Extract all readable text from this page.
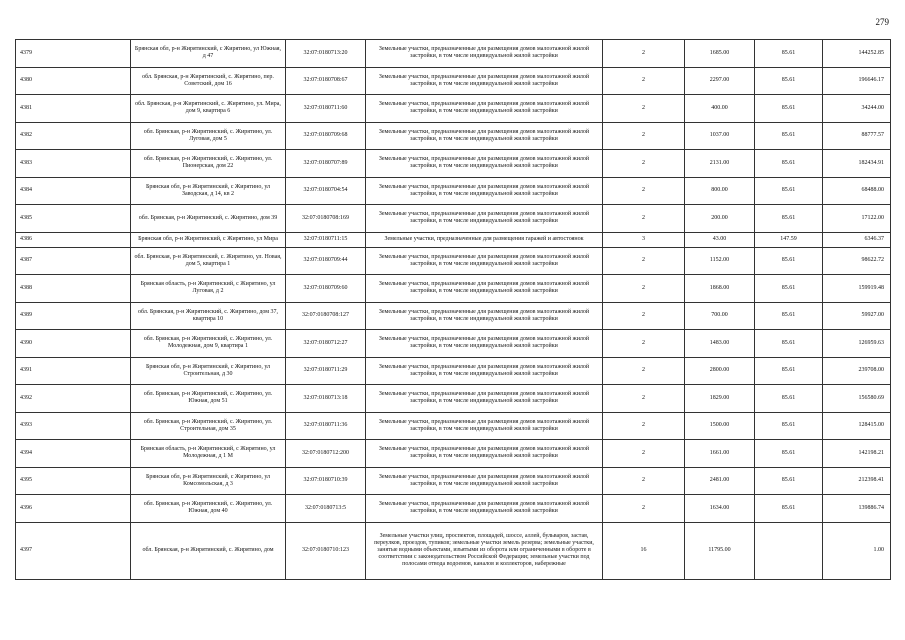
279
4379	Брянская обл, р-н Жирятинский, с Жирятино, ул Южная, д 47	32:07:0180713:20	Земельные участки, предназначенные для размещения домов малоэтажной жилой застройки, в том числе индивидуальной жилой застройки	2	1685.00	85.61	144252.85
4380	обл. Брянская, р-н Жирятинский, с. Жирятино, пер. Советский, дом 16	32:07:0180708:67	Земельные участки, предназначенные для размещения домов малоэтажной жилой застройки, в том числе индивидуальной жилой застройки	2	2297.00	85.61	196646.17
4381	обл. Брянская, р-н Жирятинский, с. Жирятино, ул. Мира, дом 9, квартира 6	32:07:0180711:60	Земельные участки, предназначенные для размещения домов малоэтажной жилой застройки, в том числе индивидуальной жилой застройки	2	400.00	85.61	34244.00
4382	обл. Брянская, р-н Жирятинский, с. Жирятино, ул. Луговая, дом 5	32:07:0180709:68	Земельные участки, предназначенные для размещения домов малоэтажной жилой застройки, в том числе индивидуальной жилой застройки	2	1037.00	85.61	88777.57
4383	обл. Брянская, р-н Жирятинский, с. Жирятино, ул. Пионерская, дом 22	32:07:0180707:89	Земельные участки, предназначенные для размещения домов малоэтажной жилой застройки, в том числе индивидуальной жилой застройки	2	2131.00	85.61	182434.91
4384	Брянская обл, р-н Жирятинский, с Жирятино, ул Заводская, д 14, кв 2	32:07:0180704:54	Земельные участки, предназначенные для размещения домов малоэтажной жилой застройки, в том числе индивидуальной жилой застройки	2	800.00	85.61	68488.00
4385	обл. Брянская, р-н Жирятинский, с. Жирятино, дом 39	32:07:0180708:169	Земельные участки, предназначенные для размещения домов малоэтажной жилой застройки, в том числе индивидуальной жилой застройки	2	200.00	85.61	17122.00
4386	Брянская обл, р-н Жирятинский, с Жирятино, ул Мира	32:07:0180711:15	Земельные участки, предназначенные для размещения гаражей и автостоянок	3	43.00	147.59	6346.37
4387	обл. Брянская, р-н Жирятинский, с. Жирятино, ул. Новая, дом 5, квартира 1	32:07:0180709:44	Земельные участки, предназначенные для размещения домов малоэтажной жилой застройки, в том числе индивидуальной жилой застройки	2	1152.00	85.61	98622.72
4388	Брянская область, р-н Жирятинский, с Жирятино, ул Луговая, д 2	32:07:0180709:60	Земельные участки, предназначенные для размещения домов малоэтажной жилой застройки, в том числе индивидуальной жилой застройки	2	1868.00	85.61	159919.48
4389	обл. Брянская, р-н Жирятинский, с. Жирятино, дом 37, квартира 10	32:07:0180708:127	Земельные участки, предназначенные для размещения домов малоэтажной жилой застройки, в том числе индивидуальной жилой застройки	2	700.00	85.61	59927.00
4390	обл. Брянская, р-н Жирятинский, с. Жирятино, ул. Молодежная, дом 9, квартира 1	32:07:0180712:27	Земельные участки, предназначенные для размещения домов малоэтажной жилой застройки, в том числе индивидуальной жилой застройки	2	1483.00	85.61	126959.63
4391	Брянская обл, р-н Жирятинский, с Жирятино, ул Строительная, д 30	32:07:0180711:29	Земельные участки, предназначенные для размещения домов малоэтажной жилой застройки, в том числе индивидуальной жилой застройки	2	2800.00	85.61	239708.00
4392	обл. Брянская, р-н Жирятинский, с. Жирятино, ул. Южная, дом 51	32:07:0180713:18	Земельные участки, предназначенные для размещения домов малоэтажной жилой застройки, в том числе индивидуальной жилой застройки	2	1829.00	85.61	156580.69
4393	обл. Брянская, р-н Жирятинский, с. Жирятино, ул. Строительная, дом 35	32:07:0180711:36	Земельные участки, предназначенные для размещения домов малоэтажной жилой застройки, в том числе индивидуальной жилой застройки	2	1500.00	85.61	128415.00
4394	Брянская область, р-н Жирятинский, с Жирятино, ул Молодежная, д 1 М	32:07:0180712:200	Земельные участки, предназначенные для размещения домов малоэтажной жилой застройки, в том числе индивидуальной жилой застройки	2	1661.00	85.61	142198.21
4395	Брянская обл, р-н Жирятинский, с Жирятино, ул Комсомольская, д 3	32:07:0180710:39	Земельные участки, предназначенные для размещения домов малоэтажной жилой застройки, в том числе индивидуальной жилой застройки	2	2481.00	85.61	212398.41
4396	обл. Брянская, р-н Жирятинский, с. Жирятино, ул. Южная, дом 40	32:07:0180713:5	Земельные участки, предназначенные для размещения домов малоэтажной жилой застройки, в том числе индивидуальной жилой застройки	2	1634.00	85.61	139886.74
4397	обл. Брянская, р-н Жирятинский, с. Жирятино, дом	32:07:0180710:123	Земельные участки улиц, проспектов, площадей, шоссе, аллей, бульваров, застав, переулков, проездов, тупиков; земельные участки земель резерва; земельные участки, занятые водными объектами, изъятыми из оборота или ограниченными в обороте в соответствии с законодательством Российской Федерации; земельные участки под полосами отвода водоемов, каналов и коллекторов, набережные	16	11795.00		1.00
